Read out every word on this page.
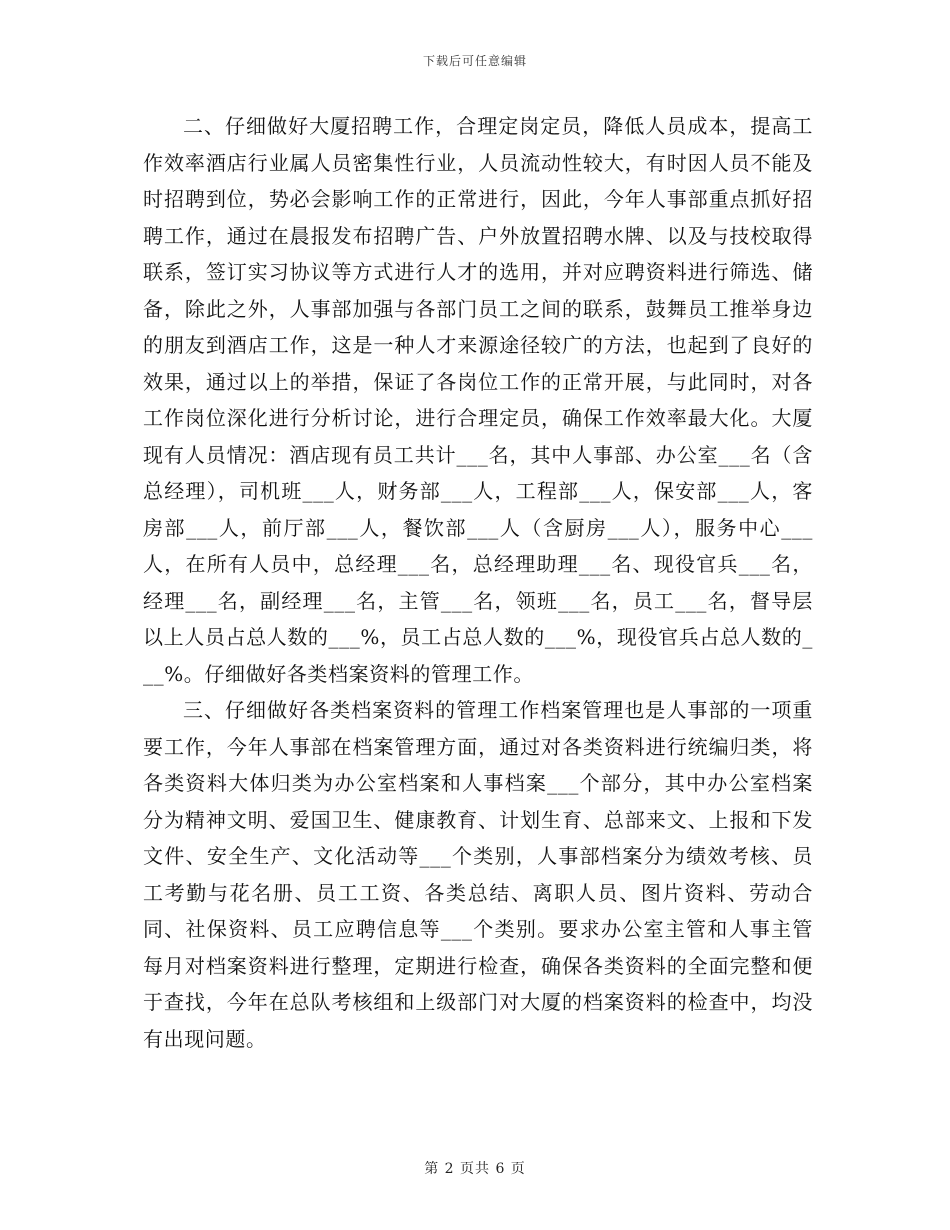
下载后可任意编辑

二、仔细做好大厦招聘工作，合理定岗定员，降低人员成本，提高工作效率酒店行业属人员密集性行业，人员流动性较大，有时因人员不能及时招聘到位，势必会影响工作的正常进行，因此，今年人事部重点抓好招聘工作，通过在晨报发布招聘广告、户外放置招聘水牌、以及与技校取得联系，签订实习协议等方式进行人才的选用，并对应聘资料进行筛选、储备，除此之外，人事部加强与各部门员工之间的联系，鼓舞员工推举身边的朋友到酒店工作，这是一种人才来源途径较广的方法，也起到了良好的效果，通过以上的举措，保证了各岗位工作的正常开展，与此同时，对各工作岗位深化进行分析讨论，进行合理定员，确保工作效率最大化。大厦现有人员情况：酒店现有员工共计___名，其中人事部、办公室___名（含总经理），司机班___人，财务部___人，工程部___人，保安部___人，客房部___人，前厅部___人，餐饮部___人（含厨房___人），服务中心___人，在所有人员中，总经理___名，总经理助理___名、现役官兵___名，经理___名，副经理___名，主管___名，领班___名，员工___名，督导层以上人员占总人数的___%，员工占总人数的___%，现役官兵占总人数的___%。仔细做好各类档案资料的管理工作。

三、仔细做好各类档案资料的管理工作档案管理也是人事部的一项重要工作，今年人事部在档案管理方面，通过对各类资料进行统编归类，将各类资料大体归类为办公室档案和人事档案___个部分，其中办公室档案分为精神文明、爱国卫生、健康教育、计划生育、总部来文、上报和下发文件、安全生产、文化活动等___个类别，人事部档案分为绩效考核、员工考勤与花名册、员工工资、各类总结、离职人员、图片资料、劳动合同、社保资料、员工应聘信息等___个类别。要求办公室主管和人事主管每月对档案资料进行整理，定期进行检查，确保各类资料的全面完整和便于查找，今年在总队考核组和上级部门对大厦的档案资料的检查中，均没有出现问题。

第 2 页共 6 页
